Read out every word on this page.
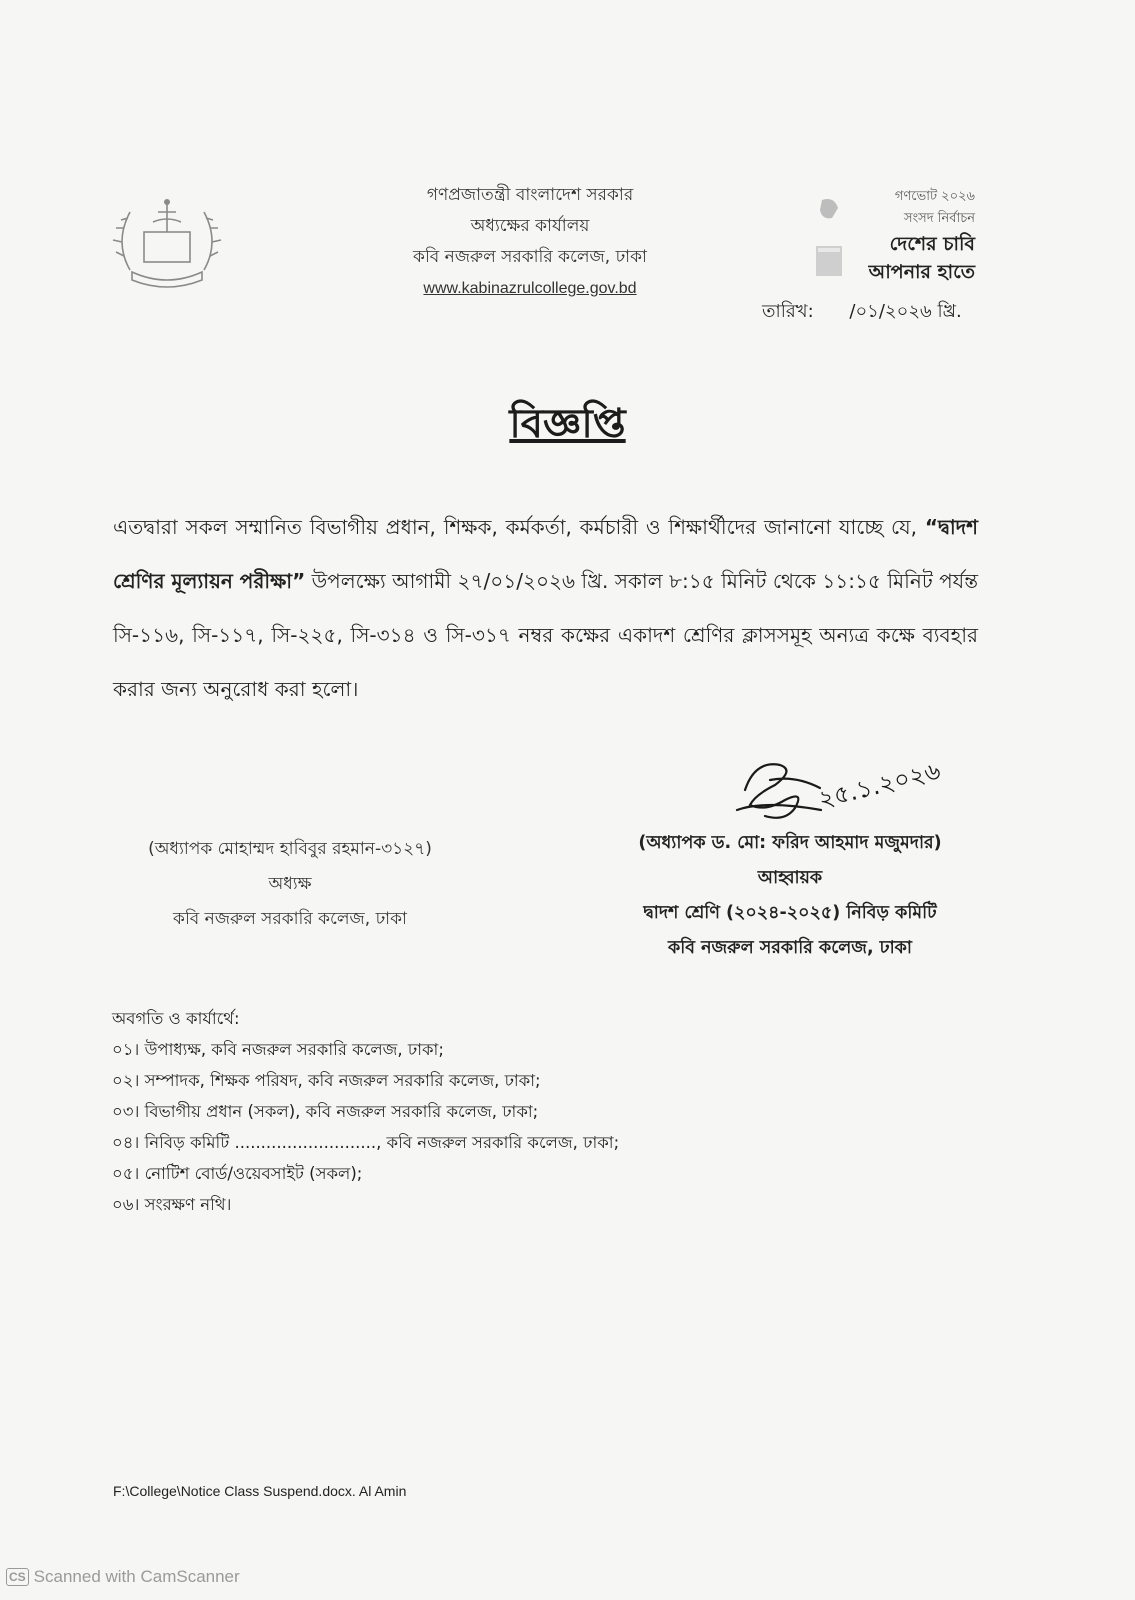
গণপ্রজাতন্ত্রী বাংলাদেশ সরকার
অধ্যক্ষের কার্যালয়
কবি নজরুল সরকারি কলেজ, ঢাকা
www.kabinazrulcollege.gov.bd
গণভোট ২০২৬
সংসদ নির্বাচন
দেশের চাবি
আপনার হাতে
তারিখ: /০১/২০২৬ খ্রি.
বিজ্ঞপ্তি
এতদ্বারা সকল সম্মানিত বিভাগীয় প্রধান, শিক্ষক, কর্মকর্তা, কর্মচারী ও শিক্ষার্থীদের জানানো যাচ্ছে যে, “দ্বাদশ শ্রেণির মূল্যায়ন পরীক্ষা” উপলক্ষ্যে আগামী ২৭/০১/২০২৬ খ্রি. সকাল ৮:১৫ মিনিট থেকে ১১:১৫ মিনিট পর্যন্ত সি-১১৬, সি-১১৭, সি-২২৫, সি-৩১৪ ও সি-৩১৭ নম্বর কক্ষের একাদশ শ্রেণির ক্লাসসমূহ অন্যত্র কক্ষে ব্যবহার করার জন্য অনুরোধ করা হলো।
২৫.১.২০২৬
(অধ্যাপক মোহাম্মদ হাবিবুর রহমান-৩১২৭)
অধ্যক্ষ
কবি নজরুল সরকারি কলেজ, ঢাকা
(অধ্যাপক ড. মো: ফরিদ আহমাদ মজুমদার)
আহ্বায়ক
দ্বাদশ শ্রেণি (২০২৪-২০২৫) নিবিড় কমিটি
কবি নজরুল সরকারি কলেজ, ঢাকা
অবগতি ও কার্যার্থে:
০১। উপাধ্যক্ষ, কবি নজরুল সরকারি কলেজ, ঢাকা;
০২। সম্পাদক, শিক্ষক পরিষদ, কবি নজরুল সরকারি কলেজ, ঢাকা;
০৩। বিভাগীয় প্রধান (সকল), কবি নজরুল সরকারি কলেজ, ঢাকা;
০৪। নিবিড় কমিটি ..........................., কবি নজরুল সরকারি কলেজ, ঢাকা;
০৫। নোটিশ বোর্ড/ওয়েবসাইট (সকল);
০৬। সংরক্ষণ নথি।
F:\College\Notice Class Suspend.docx. Al Amin
CS Scanned with CamScanner
